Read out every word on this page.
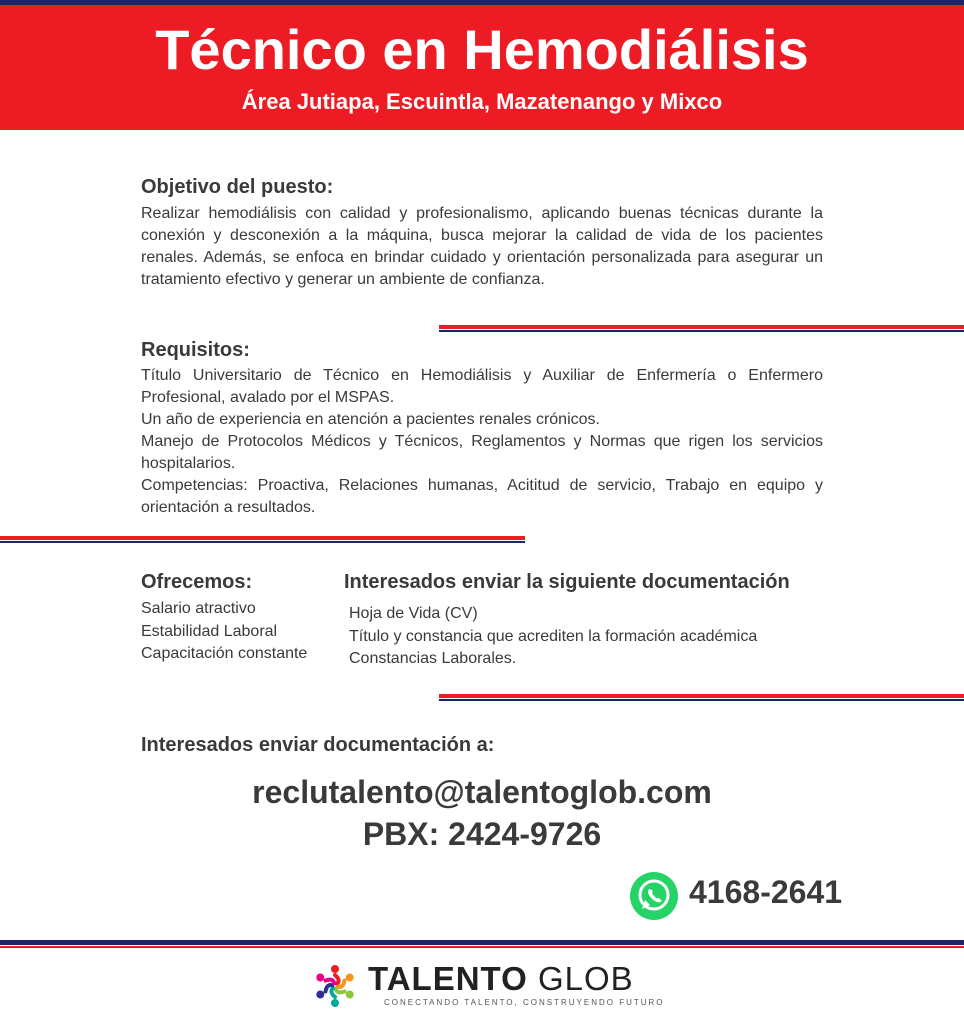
Técnico en Hemodiálisis
Área Jutiapa, Escuintla, Mazatenango y Mixco
Objetivo del puesto:
Realizar hemodiálisis con calidad y profesionalismo, aplicando buenas técnicas durante la conexión y desconexión a la máquina, busca mejorar la calidad de vida de los pacientes renales. Además, se enfoca en brindar cuidado y orientación personalizada para asegurar un tratamiento efectivo y generar un ambiente de confianza.
Requisitos:

Título Universitario de Técnico en Hemodiálisis y Auxiliar de Enfermería o Enfermero Profesional, avalado por el MSPAS.

Un año de experiencia en atención a pacientes renales crónicos.

Manejo de Protocolos Médicos y Técnicos, Reglamentos y Normas que rigen los servicios hospitalarios.

Competencias: Proactiva, Relaciones humanas, Acititud de servicio, Trabajo en equipo y orientación a resultados.

Ofrecemos:
Salario atractivo
Estabilidad Laboral
Capacitación constante
Interesados enviar la siguiente documentación
Hoja de Vida (CV)
Título y constancia que acrediten la formación académica
Constancias Laborales.
Interesados enviar documentación a:
reclutalento@talentoglob.com
PBX: 2424-9726
4168-2641
TALENTO GLOB
CONECTANDO TALENTO, CONSTRUYENDO FUTURO
